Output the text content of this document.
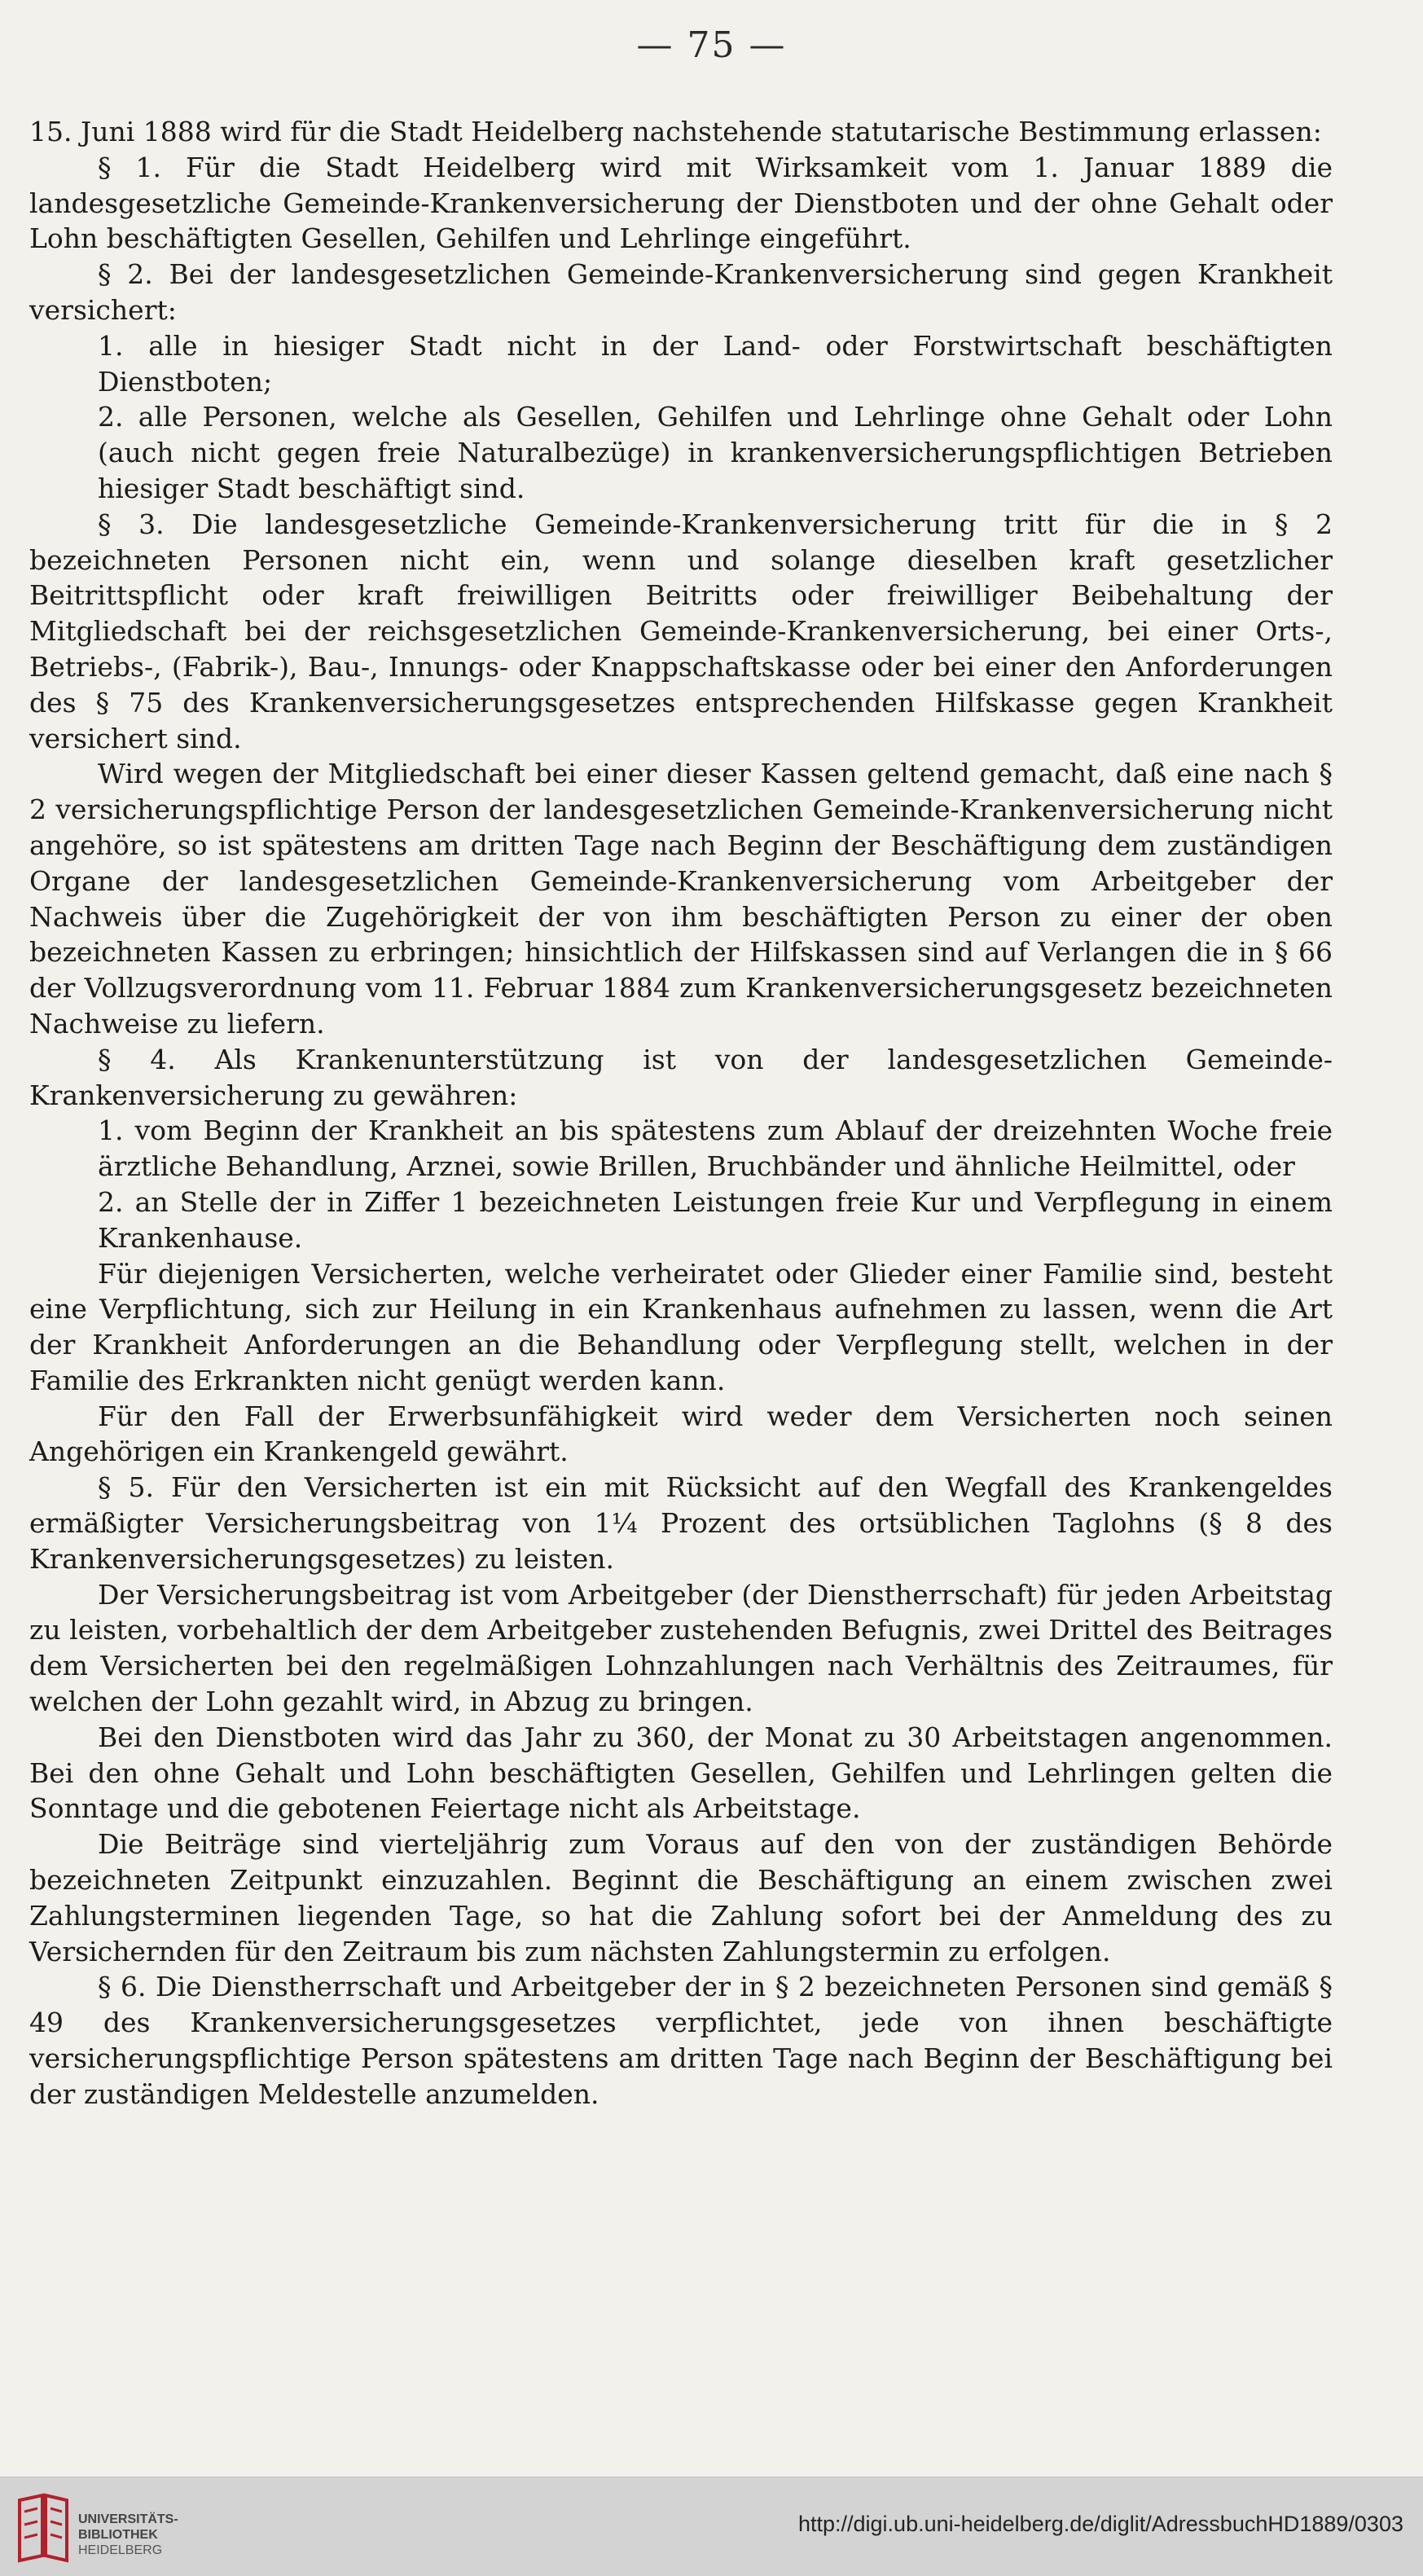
— 75 —

15. Juni 1888 wird für die Stadt Heidelberg nachstehende statutarische Bestimmung erlassen:

§ 1. Für die Stadt Heidelberg wird mit Wirksamkeit vom 1. Januar 1889 die landesgesetzliche Gemeinde-Krankenversicherung der Dienstboten und der ohne Gehalt oder Lohn beschäftigten Gesellen, Gehilfen und Lehrlinge eingeführt.

§ 2. Bei der landesgesetzlichen Gemeinde-Krankenversicherung sind gegen Krankheit versichert:

1. alle in hiesiger Stadt nicht in der Land- oder Forstwirtschaft beschäftigten Dienstboten;

2. alle Personen, welche als Gesellen, Gehilfen und Lehrlinge ohne Gehalt oder Lohn (auch nicht gegen freie Naturalbezüge) in krankenversicherungspflichtigen Betrieben hiesiger Stadt beschäftigt sind.

§ 3. Die landesgesetzliche Gemeinde-Krankenversicherung tritt für die in § 2 bezeichneten Personen nicht ein, wenn und solange dieselben kraft gesetzlicher Beitrittspflicht oder kraft freiwilligen Beitritts oder freiwilliger Beibehaltung der Mitgliedschaft bei der reichsgesetzlichen Gemeinde-Krankenversicherung, bei einer Orts-, Betriebs-, (Fabrik-), Bau-, Innungs- oder Knappschaftskasse oder bei einer den Anforderungen des § 75 des Krankenversicherungsgesetzes entsprechenden Hilfskasse gegen Krankheit versichert sind.

Wird wegen der Mitgliedschaft bei einer dieser Kassen geltend gemacht, daß eine nach § 2 versicherungspflichtige Person der landesgesetzlichen Gemeinde-Krankenversicherung nicht angehöre, so ist spätestens am dritten Tage nach Beginn der Beschäftigung dem zuständigen Organe der landesgesetzlichen Gemeinde-Krankenversicherung vom Arbeitgeber der Nachweis über die Zugehörigkeit der von ihm beschäftigten Person zu einer der oben bezeichneten Kassen zu erbringen; hinsichtlich der Hilfskassen sind auf Verlangen die in § 66 der Vollzugsverordnung vom 11. Februar 1884 zum Krankenversicherungsgesetz bezeichneten Nachweise zu liefern.

§ 4. Als Krankenunterstützung ist von der landesgesetzlichen Gemeinde-Krankenversicherung zu gewähren:

1. vom Beginn der Krankheit an bis spätestens zum Ablauf der dreizehnten Woche freie ärztliche Behandlung, Arznei, sowie Brillen, Bruchbänder und ähnliche Heilmittel, oder

2. an Stelle der in Ziffer 1 bezeichneten Leistungen freie Kur und Verpflegung in einem Krankenhause.

Für diejenigen Versicherten, welche verheiratet oder Glieder einer Familie sind, besteht eine Verpflichtung, sich zur Heilung in ein Krankenhaus aufnehmen zu lassen, wenn die Art der Krankheit Anforderungen an die Behandlung oder Verpflegung stellt, welchen in der Familie des Erkrankten nicht genügt werden kann.

Für den Fall der Erwerbsunfähigkeit wird weder dem Versicherten noch seinen Angehörigen ein Krankengeld gewährt.

§ 5. Für den Versicherten ist ein mit Rücksicht auf den Wegfall des Krankengeldes ermäßigter Versicherungsbeitrag von 1¼ Prozent des ortsüblichen Taglohns (§ 8 des Krankenversicherungsgesetzes) zu leisten.

Der Versicherungsbeitrag ist vom Arbeitgeber (der Dienstherrschaft) für jeden Arbeitstag zu leisten, vorbehaltlich der dem Arbeitgeber zustehenden Befugnis, zwei Drittel des Beitrages dem Versicherten bei den regelmäßigen Lohnzahlungen nach Verhältnis des Zeitraumes, für welchen der Lohn gezahlt wird, in Abzug zu bringen.

Bei den Dienstboten wird das Jahr zu 360, der Monat zu 30 Arbeitstagen angenommen. Bei den ohne Gehalt und Lohn beschäftigten Gesellen, Gehilfen und Lehrlingen gelten die Sonntage und die gebotenen Feiertage nicht als Arbeitstage.

Die Beiträge sind vierteljährig zum Voraus auf den von der zuständigen Behörde bezeichneten Zeitpunkt einzuzahlen. Beginnt die Beschäftigung an einem zwischen zwei Zahlungsterminen liegenden Tage, so hat die Zahlung sofort bei der Anmeldung des zu Versichernden für den Zeitraum bis zum nächsten Zahlungstermin zu erfolgen.

§ 6. Die Dienstherrschaft und Arbeitgeber der in § 2 bezeichneten Personen sind gemäß § 49 des Krankenversicherungsgesetzes verpflichtet, jede von ihnen beschäftigte versicherungspflichtige Person spätestens am dritten Tage nach Beginn der Beschäftigung bei der zuständigen Meldestelle anzumelden.

UNIVERSITÄTS-
BIBLIOTHEK
HEIDELBERG
http://digi.ub.uni-heidelberg.de/diglit/AdressbuchHD1889/0303
